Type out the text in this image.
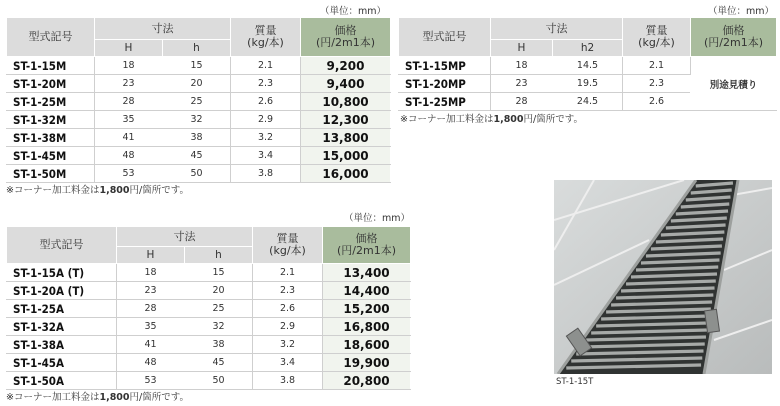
（単位：mm）
型式記号	寸法		質量
(kg/本)	価格
(円/2m1本)
	H	h		
ST-1-15M	18	15	2.1	9,200
ST-1-20M	23	20	2.3	9,400
ST-1-25M	28	25	2.6	10,800
ST-1-32M	35	32	2.9	12,300
ST-1-38M	41	38	3.2	13,800
ST-1-45M	48	45	3.4	15,000
ST-1-50M	53	50	3.8	16,000
※コーナー加工料金は1,800円/箇所です。
（単位：mm）
型式記号	寸法		質量
(kg/本)	価格
(円/2m1本)
	H	h2		
ST-1-15MP	18	14.5	2.1	別途見積り
ST-1-20MP	23	19.5	2.3	
ST-1-25MP	28	24.5	2.6	
※コーナー加工料金は1,800円/箇所です。
（単位：mm）
型式記号	寸法		質量
(kg/本)	価格
(円/2m1本)
	H	h		
ST-1-15A (T)	18	15	2.1	13,400
ST-1-20A (T)	23	20	2.3	14,400
ST-1-25A	28	25	2.6	15,200
ST-1-32A	35	32	2.9	16,800
ST-1-38A	41	38	3.2	18,600
ST-1-45A	48	45	3.4	19,900
ST-1-50A	53	50	3.8	20,800
※コーナー加工料金は1,800円/箇所です。
ST-1-15T
